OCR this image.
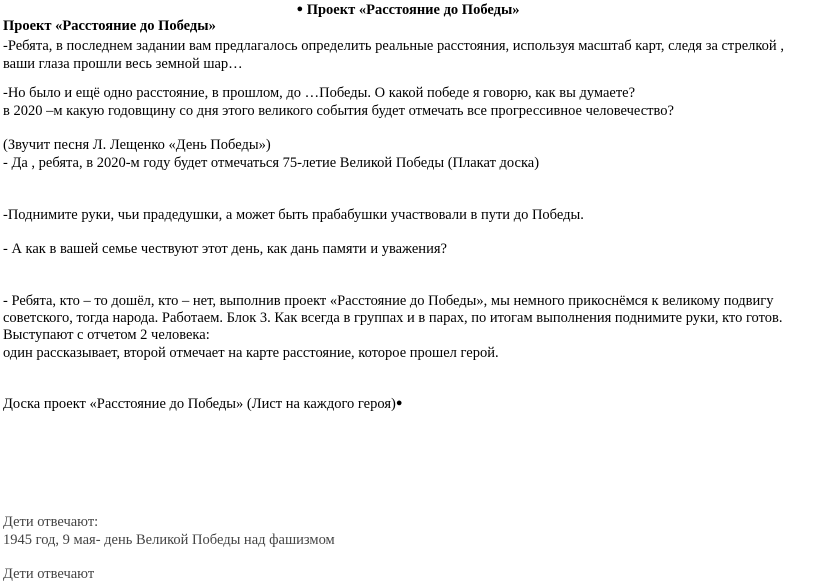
● Проект «Расстояние до Победы»
Проект «Расстояние до Победы»
-Ребята, в последнем задании вам предлагалось определить реальные расстояния, используя масштаб карт, следя за стрелкой ,
ваши глаза прошли весь земной шар…
-Но было и ещё одно расстояние, в прошлом, до …Победы. О какой победе я говорю, как вы думаете?
в 2020 –м какую годовщину со дня этого великого события будет отмечать все прогрессивное человечество?
(Звучит песня Л. Лещенко «День Победы»)
- Да , ребята, в 2020-м году будет отмечаться 75-летие Великой Победы (Плакат доска)
-Поднимите руки, чьи прадедушки, а может быть прабабушки участвовали в пути до Победы.
- А как в вашей семье чествуют этот день, как дань памяти и уважения?
- Ребята, кто – то дошёл, кто – нет, выполнив проект «Расстояние до Победы», мы немного прикоснёмся к великому подвигу
советского, тогда народа. Работаем. Блок 3. Как всегда в группах и в парах, по итогам выполнения поднимите руки, кто готов.
Выступают с отчетом 2 человека:
один рассказывает, второй отмечает на карте расстояние, которое прошел герой.
Доска проект «Расстояние до Победы» (Лист на каждого героя)●
Дети отвечают:
1945 год, 9 мая- день Великой Победы над фашизмом
Дети отвечают
